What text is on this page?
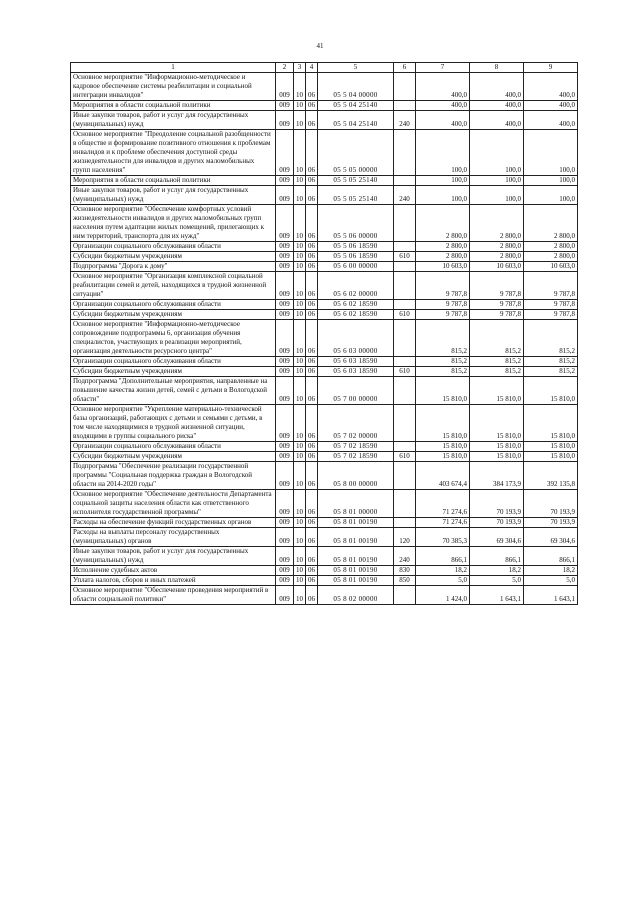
41
1	2	3	4	5	6	7	8	9
Основное мероприятие "Информационно-методическое и кадровое обеспечение системы реабилитации и социальной интеграции инвалидов"	009	10	06	05 5 04 00000		400,0	400,0	400,0
Мероприятия в области социальной политики	009	10	06	05 5 04 25140		400,0	400,0	400,0
Иные закупки товаров, работ и услуг для государственных (муниципальных) нужд	009	10	06	05 5 04 25140	240	400,0	400,0	400,0
Основное мероприятие "Преодоление социальной разобщенности в обществе и формирование позитивного отношения к проблемам инвалидов и к проблеме обеспечения доступной среды жизнедеятельности для инвалидов и других маломобильных групп населения"	009	10	06	05 5 05 00000		100,0	100,0	100,0
Мероприятия в области социальной политики	009	10	06	05 5 05 25140		100,0	100,0	100,0
Иные закупки товаров, работ и услуг для государственных (муниципальных) нужд	009	10	06	05 5 05 25140	240	100,0	100,0	100,0
Основное мероприятие "Обеспечение комфортных условий жизнедеятельности инвалидов и других маломобильных групп населения путем адаптации жилых помещений, прилегающих к ним территорий, транспорта для их нужд"	009	10	06	05 5 06 00000		2 800,0	2 800,0	2 800,0
Организации социального обслуживания области	009	10	06	05 5 06 18590		2 800,0	2 800,0	2 800,0
Субсидии бюджетным учреждениям	009	10	06	05 5 06 18590	610	2 800,0	2 800,0	2 800,0
Подпрограмма "Дорога к дому"	009	10	06	05 6 00 00000		10 603,0	10 603,0	10 603,0
Основное мероприятие "Организация комплексной социальной реабилитации семей и детей, находящихся в трудной жизненной ситуации"	009	10	06	05 6 02 00000		9 787,8	9 787,8	9 787,8
Организации социального обслуживания области	009	10	06	05 6 02 18590		9 787,8	9 787,8	9 787,8
Субсидии бюджетным учреждениям	009	10	06	05 6 02 18590	610	9 787,8	9 787,8	9 787,8
Основное мероприятие "Информационно-методическое сопровождение подпрограммы 6, организация обучения специалистов, участвующих в реализации мероприятий, организация деятельности ресурсного центра"	009	10	06	05 6 03 00000		815,2	815,2	815,2
Организации социального обслуживания области	009	10	06	05 6 03 18590		815,2	815,2	815,2
Субсидии бюджетным учреждениям	009	10	06	05 6 03 18590	610	815,2	815,2	815,2
Подпрограмма "Дополнительные мероприятия, направленные на повышение качества жизни детей, семей с детьми в Вологодской области"	009	10	06	05 7 00 00000		15 810,0	15 810,0	15 810,0
Основное мероприятие "Укрепление материально-технической базы организаций, работающих с детьми и семьями с детьми, в том числе находящимися в трудной жизненной ситуации, входящими в группы социального риска"	009	10	06	05 7 02 00000		15 810,0	15 810,0	15 810,0
Организации социального обслуживания области	009	10	06	05 7 02 18590		15 810,0	15 810,0	15 810,0
Субсидии бюджетным учреждениям	009	10	06	05 7 02 18590	610	15 810,0	15 810,0	15 810,0
Подпрограмма "Обеспечение реализации государственной программы "Социальная поддержка граждан в Вологодской области на 2014-2020 годы"	009	10	06	05 8 00 00000		403 674,4	384 173,9	392 135,8
Основное мероприятие "Обеспечение деятельности Департамента социальной защиты населения области как ответственного исполнителя государственной программы"	009	10	06	05 8 01 00000		71 274,6	70 193,9	70 193,9
Расходы на обеспечение функций государственных органов	009	10	06	05 8 01 00190		71 274,6	70 193,9	70 193,9
Расходы на выплаты персоналу государственных (муниципальных) органов	009	10	06	05 8 01 00190	120	70 385,3	69 304,6	69 304,6
Иные закупки товаров, работ и услуг для государственных (муниципальных) нужд	009	10	06	05 8 01 00190	240	866,1	866,1	866,1
Исполнение судебных актов	009	10	06	05 8 01 00190	830	18,2	18,2	18,2
Уплата налогов, сборов и иных платежей	009	10	06	05 8 01 00190	850	5,0	5,0	5,0
Основное мероприятие "Обеспечение проведения мероприятий в области социальной политики"	009	10	06	05 8 02 00000		1 424,0	1 643,1	1 643,1
